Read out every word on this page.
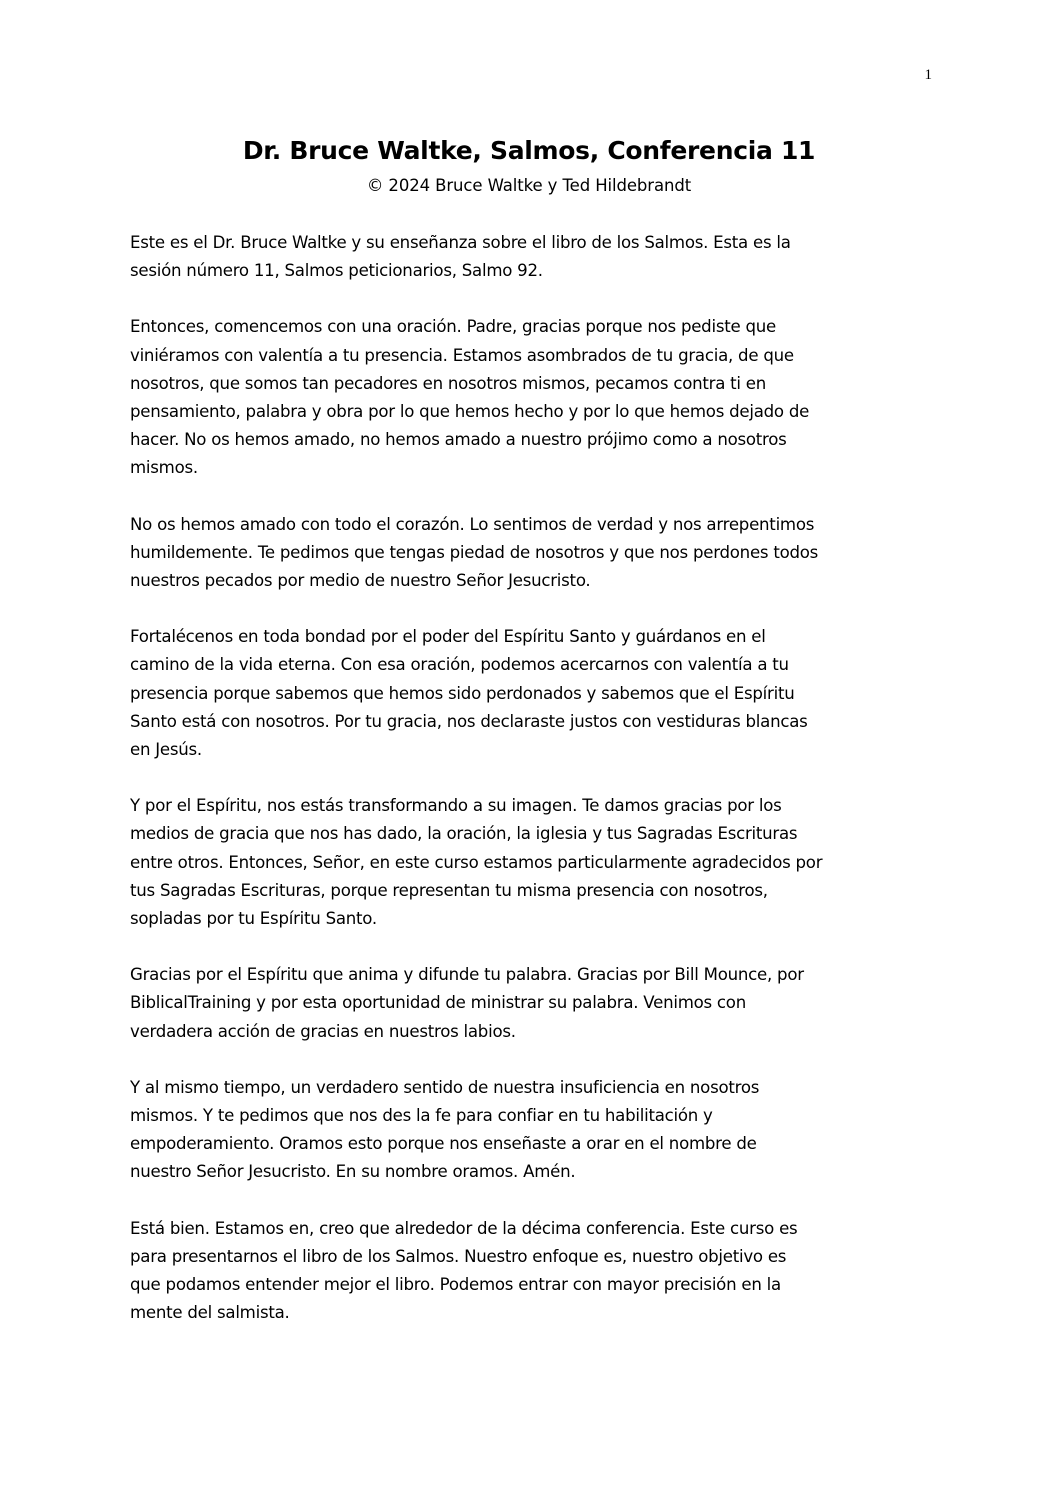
1
Dr. Bruce Waltke, Salmos, Conferencia 11
© 2024 Bruce Waltke y Ted Hildebrandt

Este es el Dr. Bruce Waltke y su enseñanza sobre el libro de los Salmos. Esta es la
sesión número 11, Salmos peticionarios, Salmo 92.

Entonces, comencemos con una oración. Padre, gracias porque nos pediste que
viniéramos con valentía a tu presencia. Estamos asombrados de tu gracia, de que
nosotros, que somos tan pecadores en nosotros mismos, pecamos contra ti en
pensamiento, palabra y obra por lo que hemos hecho y por lo que hemos dejado de
hacer. No os hemos amado, no hemos amado a nuestro prójimo como a nosotros
mismos.

No os hemos amado con todo el corazón. Lo sentimos de verdad y nos arrepentimos
humildemente. Te pedimos que tengas piedad de nosotros y que nos perdones todos
nuestros pecados por medio de nuestro Señor Jesucristo.

Fortalécenos en toda bondad por el poder del Espíritu Santo y guárdanos en el
camino de la vida eterna. Con esa oración, podemos acercarnos con valentía a tu
presencia porque sabemos que hemos sido perdonados y sabemos que el Espíritu
Santo está con nosotros. Por tu gracia, nos declaraste justos con vestiduras blancas
en Jesús.

Y por el Espíritu, nos estás transformando a su imagen. Te damos gracias por los
medios de gracia que nos has dado, la oración, la iglesia y tus Sagradas Escrituras
entre otros. Entonces, Señor, en este curso estamos particularmente agradecidos por
tus Sagradas Escrituras, porque representan tu misma presencia con nosotros,
sopladas por tu Espíritu Santo.

Gracias por el Espíritu que anima y difunde tu palabra. Gracias por Bill Mounce, por
BiblicalTraining y por esta oportunidad de ministrar su palabra. Venimos con
verdadera acción de gracias en nuestros labios.

Y al mismo tiempo, un verdadero sentido de nuestra insuficiencia en nosotros
mismos. Y te pedimos que nos des la fe para confiar en tu habilitación y
empoderamiento. Oramos esto porque nos enseñaste a orar en el nombre de
nuestro Señor Jesucristo. En su nombre oramos. Amén.

Está bien. Estamos en, creo que alrededor de la décima conferencia. Este curso es
para presentarnos el libro de los Salmos. Nuestro enfoque es, nuestro objetivo es
que podamos entender mejor el libro. Podemos entrar con mayor precisión en la
mente del salmista.
